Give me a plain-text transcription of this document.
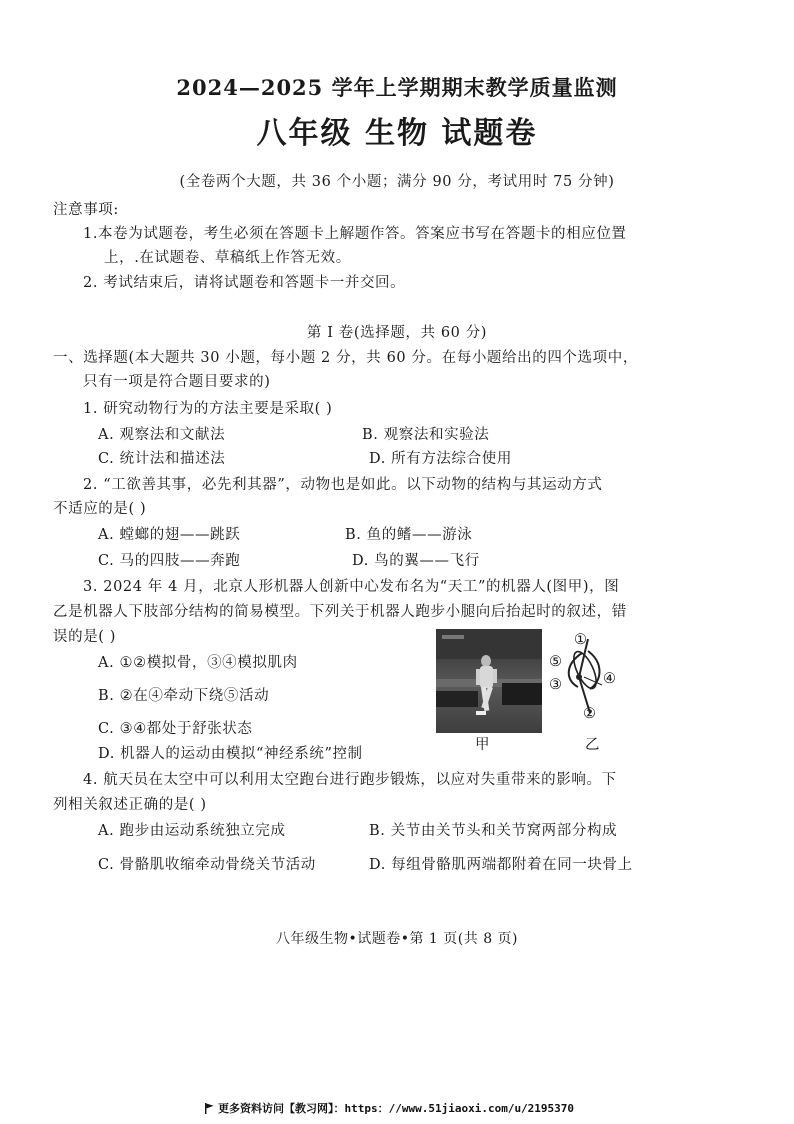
2024—2025 学年上学期期末教学质量监测
八年级 生物 试题卷
(全卷两个大题，共 36 个小题；满分 90 分，考试用时 75 分钟)
注意事项:
1.本卷为试题卷，考生必须在答题卡上解题作答。答案应书写在答题卡的相应位置
上，.在试题卷、草稿纸上作答无效。
2. 考试结束后，请将试题卷和答题卡一并交回。
第 I 卷(选择题，共 60 分)
一、选择题(本大题共 30 小题，每小题 2 分，共 60 分。在每小题给出的四个选项中，
只有一项是符合题目要求的)
1. 研究动物行为的方法主要是采取( )
A. 观察法和文献法	B. 观察法和实验法
C. 统计法和描述法	D. 所有方法综合使用
2. “工欲善其事，必先利其器”，动物也是如此。以下动物的结构与其运动方式
不适应的是( )
A. 螳螂的翅——跳跃	B. 鱼的鳍——游泳
C. 马的四肢——奔跑	D. 鸟的翼——飞行
3. 2024 年 4 月，北京人形机器人创新中心发布名为“天工”的机器人(图甲)，图
乙是机器人下肢部分结构的简易模型。下列关于机器人跑步小腿向后抬起时的叙述，错
误的是( )
A. ①②模拟骨，③④模拟肌肉
B. ②在④牵动下绕⑤活动
C. ③④都处于舒张状态
D. 机器人的运动由模拟“神经系统”控制
①
②
③	④
⑤
甲	乙
4. 航天员在太空中可以利用太空跑台进行跑步锻炼，以应对失重带来的影响。下
列相关叙述正确的是( )
A. 跑步由运动系统独立完成	B. 关节由关节头和关节窝两部分构成
C. 骨骼肌收缩牵动骨绕关节活动	D. 每组骨骼肌两端都附着在同一块骨上
八年级生物•试题卷•第 1 页(共 8 页)
更多资料访问【教习网】：https：//www.51jiaoxi.com/u/2195370
